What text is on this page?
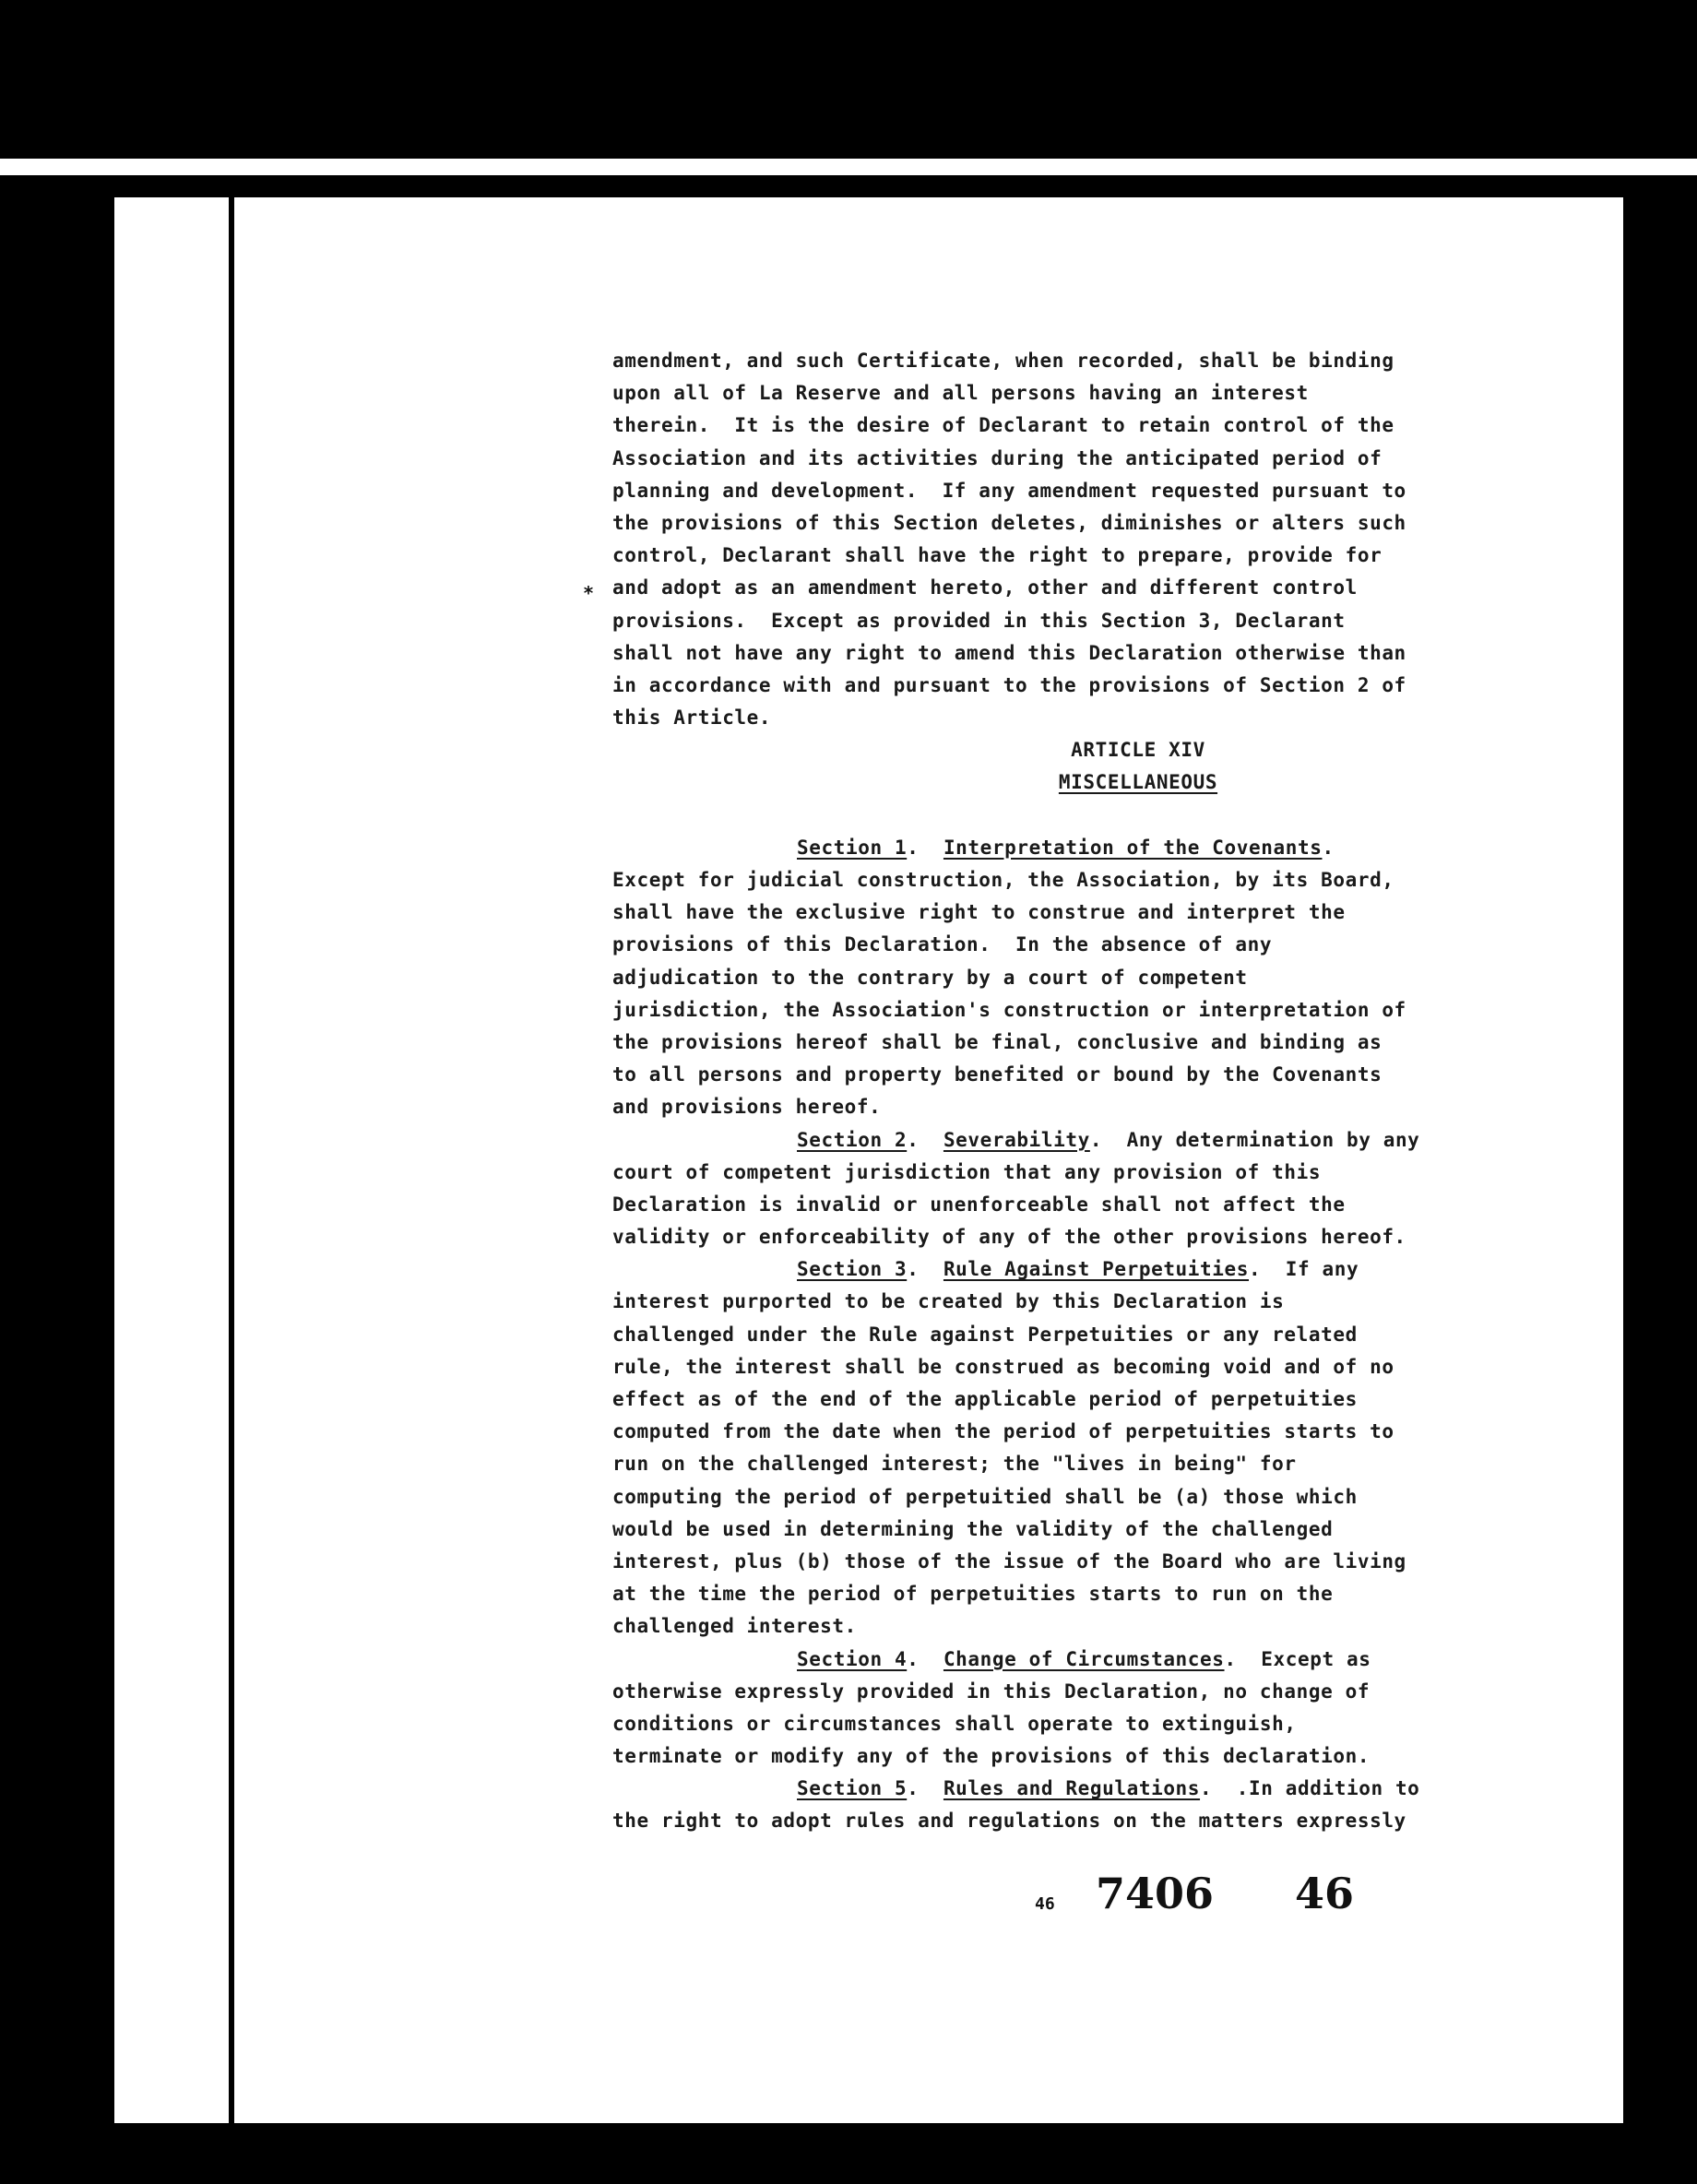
*
amendment, and such Certificate, when recorded, shall be binding
upon all of La Reserve and all persons having an interest
therein.  It is the desire of Declarant to retain control of the
Association and its activities during the anticipated period of
planning and development.  If any amendment requested pursuant to
the provisions of this Section deletes, diminishes or alters such
control, Declarant shall have the right to prepare, provide for
and adopt as an amendment hereto, other and different control
provisions.  Except as provided in this Section 3, Declarant
shall not have any right to amend this Declaration otherwise than
in accordance with and pursuant to the provisions of Section 2 of
this Article.
ARTICLE XIV
MISCELLANEOUS
Section 1.  Interpretation of the Covenants.
Except for judicial construction, the Association, by its Board,
shall have the exclusive right to construe and interpret the
provisions of this Declaration.  In the absence of any
adjudication to the contrary by a court of competent
jurisdiction, the Association's construction or interpretation of
the provisions hereof shall be final, conclusive and binding as
to all persons and property benefited or bound by the Covenants
and provisions hereof.
Section 2.  Severability.  Any determination by any
court of competent jurisdiction that any provision of this
Declaration is invalid or unenforceable shall not affect the
validity or enforceability of any of the other provisions hereof.
Section 3.  Rule Against Perpetuities.  If any
interest purported to be created by this Declaration is
challenged under the Rule against Perpetuities or any related
rule, the interest shall be construed as becoming void and of no
effect as of the end of the applicable period of perpetuities
computed from the date when the period of perpetuities starts to
run on the challenged interest; the "lives in being" for
computing the period of perpetuitied shall be (a) those which
would be used in determining the validity of the challenged
interest, plus (b) those of the issue of the Board who are living
at the time the period of perpetuities starts to run on the
challenged interest.
Section 4.  Change of Circumstances.  Except as
otherwise expressly provided in this Declaration, no change of
conditions or circumstances shall operate to extinguish,
terminate or modify any of the provisions of this declaration.
Section 5.  Rules and Regulations.  .In addition to
the right to adopt rules and regulations on the matters expressly
46 7406 46
